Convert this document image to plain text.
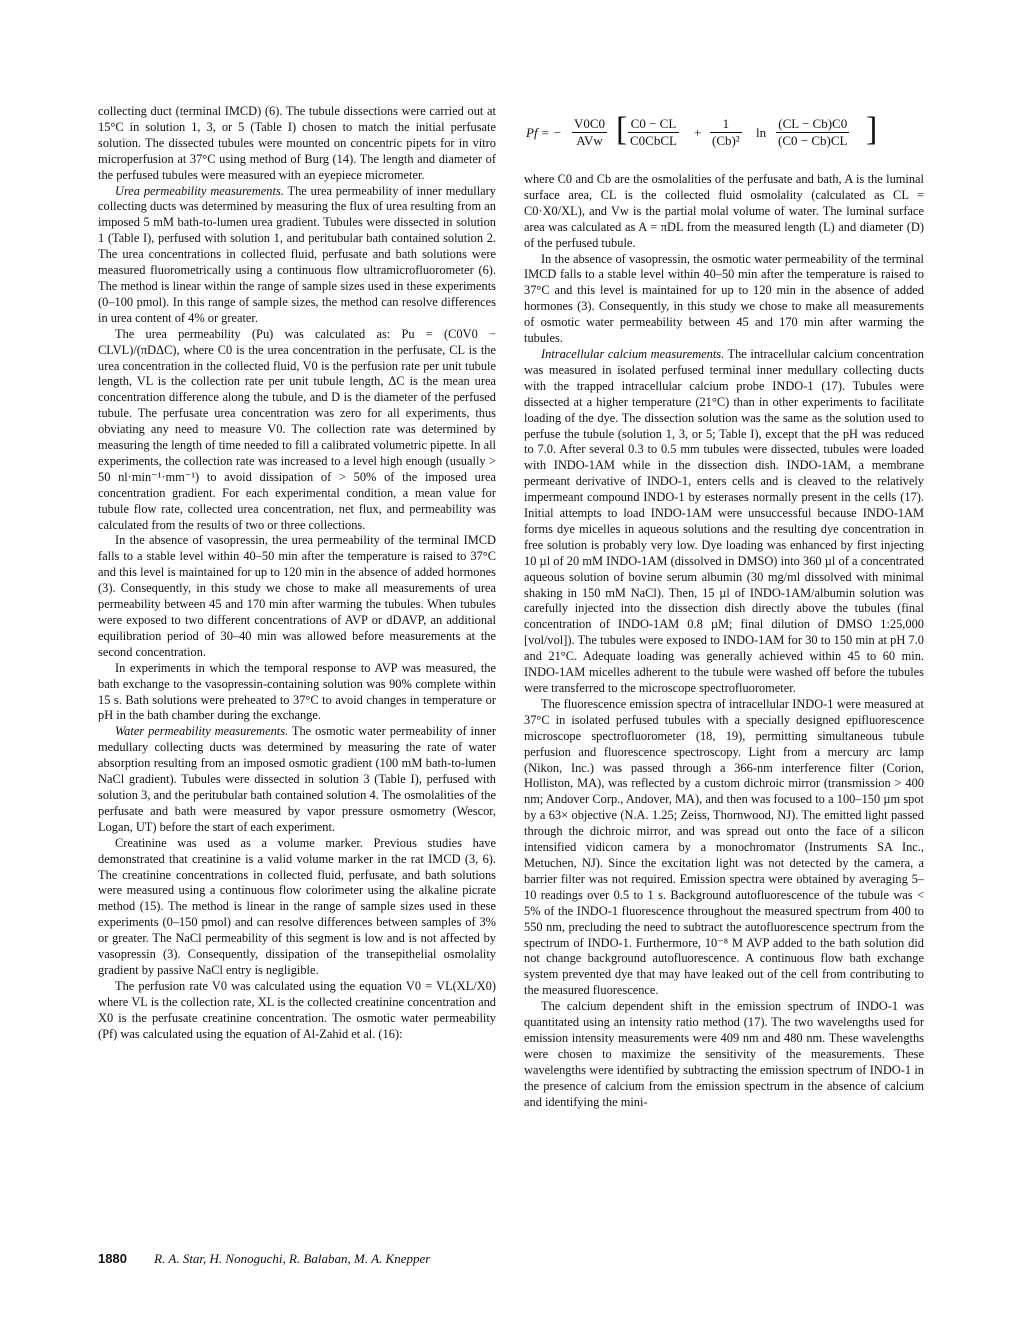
collecting duct (terminal IMCD) (6). The tubule dissections were carried out at 15°C in solution 1, 3, or 5 (Table I) chosen to match the initial perfusate solution. The dissected tubules were mounted on concentric pipets for in vitro microperfusion at 37°C using method of Burg (14). The length and diameter of the perfused tubules were measured with an eyepiece micrometer.

Urea permeability measurements. The urea permeability of inner medullary collecting ducts was determined by measuring the flux of urea resulting from an imposed 5 mM bath-to-lumen urea gradient. Tubules were dissected in solution 1 (Table I), perfused with solution 1, and peritubular bath contained solution 2. The urea concentrations in collected fluid, perfusate and bath solutions were measured fluorometrically using a continuous flow ultramicrofluorometer (6). The method is linear within the range of sample sizes used in these experiments (0–100 pmol). In this range of sample sizes, the method can resolve differences in urea content of 4% or greater.

The urea permeability (Pu) was calculated as: Pu = (C0V0 − CLVL)/(πDΔC), where C0 is the urea concentration in the perfusate, CL is the urea concentration in the collected fluid, V0 is the perfusion rate per unit tubule length, VL is the collection rate per unit tubule length, ΔC is the mean urea concentration difference along the tubule, and D is the diameter of the perfused tubule. The perfusate urea concentration was zero for all experiments, thus obviating any need to measure V0. The collection rate was determined by measuring the length of time needed to fill a calibrated volumetric pipette. In all experiments, the collection rate was increased to a level high enough (usually > 50 nl·min⁻¹·mm⁻¹) to avoid dissipation of > 50% of the imposed urea concentration gradient. For each experimental condition, a mean value for tubule flow rate, collected urea concentration, net flux, and permeability was calculated from the results of two or three collections.

In the absence of vasopressin, the urea permeability of the terminal IMCD falls to a stable level within 40–50 min after the temperature is raised to 37°C and this level is maintained for up to 120 min in the absence of added hormones (3). Consequently, in this study we chose to make all measurements of urea permeability between 45 and 170 min after warming the tubules. When tubules were exposed to two different concentrations of AVP or dDAVP, an additional equilibration period of 30–40 min was allowed before measurements at the second concentration.

In experiments in which the temporal response to AVP was measured, the bath exchange to the vasopressin-containing solution was 90% complete within 15 s. Bath solutions were preheated to 37°C to avoid changes in temperature or pH in the bath chamber during the exchange.

Water permeability measurements. The osmotic water permeability of inner medullary collecting ducts was determined by measuring the rate of water absorption resulting from an imposed osmotic gradient (100 mM bath-to-lumen NaCl gradient). Tubules were dissected in solution 3 (Table I), perfused with solution 3, and the peritubular bath contained solution 4. The osmolalities of the perfusate and bath were measured by vapor pressure osmometry (Wescor, Logan, UT) before the start of each experiment.

Creatinine was used as a volume marker. Previous studies have demonstrated that creatinine is a valid volume marker in the rat IMCD (3, 6). The creatinine concentrations in collected fluid, perfusate, and bath solutions were measured using a continuous flow colorimeter using the alkaline picrate method (15). The method is linear in the range of sample sizes used in these experiments (0–150 pmol) and can resolve differences between samples of 3% or greater. The NaCl permeability of this segment is low and is not affected by vasopressin (3). Consequently, dissipation of the transepithelial osmolality gradient by passive NaCl entry is negligible.

The perfusion rate V0 was calculated using the equation V0 = VL(XL/X0) where VL is the collection rate, XL is the collected creatinine concentration and X0 is the perfusate creatinine concentration. The osmotic water permeability (Pf) was calculated using the equation of Al-Zahid et al. (16):

Pf = −
V0C0
AVw [ C0 − CL
C0CbCL
+ $\frac{1}{\text{(Cb)²}}$ $\ln \frac{(CL - Cb)C0}{(C0 - Cb)CL}$ ]

where C0 and Cb are the osmolalities of the perfusate and bath, A is the luminal surface area, CL is the collected fluid osmolality (calculated as CL = C0·X0/XL), and Vw is the partial molal volume of water. The luminal surface area was calculated as A = πDL from the measured length (L) and diameter (D) of the perfused tubule.

In the absence of vasopressin, the osmotic water permeability of the terminal IMCD falls to a stable level within 40–50 min after the temperature is raised to 37°C and this level is maintained for up to 120 min in the absence of added hormones (3). Consequently, in this study we chose to make all measurements of osmotic water permeability between 45 and 170 min after warming the tubules.

Intracellular calcium measurements. The intracellular calcium concentration was measured in isolated perfused terminal inner medullary collecting ducts with the trapped intracellular calcium probe INDO-1 (17). Tubules were dissected at a higher temperature (21°C) than in other experiments to facilitate loading of the dye. The dissection solution was the same as the solution used to perfuse the tubule (solution 1, 3, or 5; Table I), except that the pH was reduced to 7.0. After several 0.3 to 0.5 mm tubules were dissected, tubules were loaded with INDO-1AM while in the dissection dish. INDO-1AM, a membrane permeant derivative of INDO-1, enters cells and is cleaved to the relatively impermeant compound INDO-1 by esterases normally present in the cells (17). Initial attempts to load INDO-1AM were unsuccessful because INDO-1AM forms dye micelles in aqueous solutions and the resulting dye concentration in free solution is probably very low. Dye loading was enhanced by first injecting 10 µl of 20 mM INDO-1AM (dissolved in DMSO) into 360 µl of a concentrated aqueous solution of bovine serum albumin (30 mg/ml dissolved with minimal shaking in 150 mM NaCl). Then, 15 µl of INDO-1AM/albumin solution was carefully injected into the dissection dish directly above the tubules (final concentration of INDO-1AM 0.8 µM; final dilution of DMSO 1:25,000 [vol/vol]). The tubules were exposed to INDO-1AM for 30 to 150 min at pH 7.0 and 21°C. Adequate loading was generally achieved within 45 to 60 min. INDO-1AM micelles adherent to the tubule were washed off before the tubules were transferred to the microscope spectrofluorometer.

The fluorescence emission spectra of intracellular INDO-1 were measured at 37°C in isolated perfused tubules with a specially designed epifluorescence microscope spectrofluorometer (18, 19), permitting simultaneous tubule perfusion and fluorescence spectroscopy. Light from a mercury arc lamp (Nikon, Inc.) was passed through a 366-nm interference filter (Corion, Holliston, MA), was reflected by a custom dichroic mirror (transmission > 400 nm; Andover Corp., Andover, MA), and then was focused to a 100–150 µm spot by a 63× objective (N.A. 1.25; Zeiss, Thornwood, NJ). The emitted light passed through the dichroic mirror, and was spread out onto the face of a silicon intensified vidicon camera by a monochromator (Instruments SA Inc., Metuchen, NJ). Since the excitation light was not detected by the camera, a barrier filter was not required. Emission spectra were obtained by averaging 5–10 readings over 0.5 to 1 s. Background autofluorescence of the tubule was < 5% of the INDO-1 fluorescence throughout the measured spectrum from 400 to 550 nm, precluding the need to subtract the autofluorescence spectrum from the spectrum of INDO-1. Furthermore, 10⁻⁸ M AVP added to the bath solution did not change background autofluorescence. A continuous flow bath exchange system prevented dye that may have leaked out of the cell from contributing to the measured fluorescence.

The calcium dependent shift in the emission spectrum of INDO-1 was quantitated using an intensity ratio method (17). The two wavelengths used for emission intensity measurements were 409 nm and 480 nm. These wavelengths were chosen to maximize the sensitivity of the measurements. These wavelengths were identified by subtracting the emission spectrum of INDO-1 in the presence of calcium from the emission spectrum in the absence of calcium and identifying the mini-

1880 R. A. Star, H. Nonoguchi, R. Balaban, M. A. Knepper
